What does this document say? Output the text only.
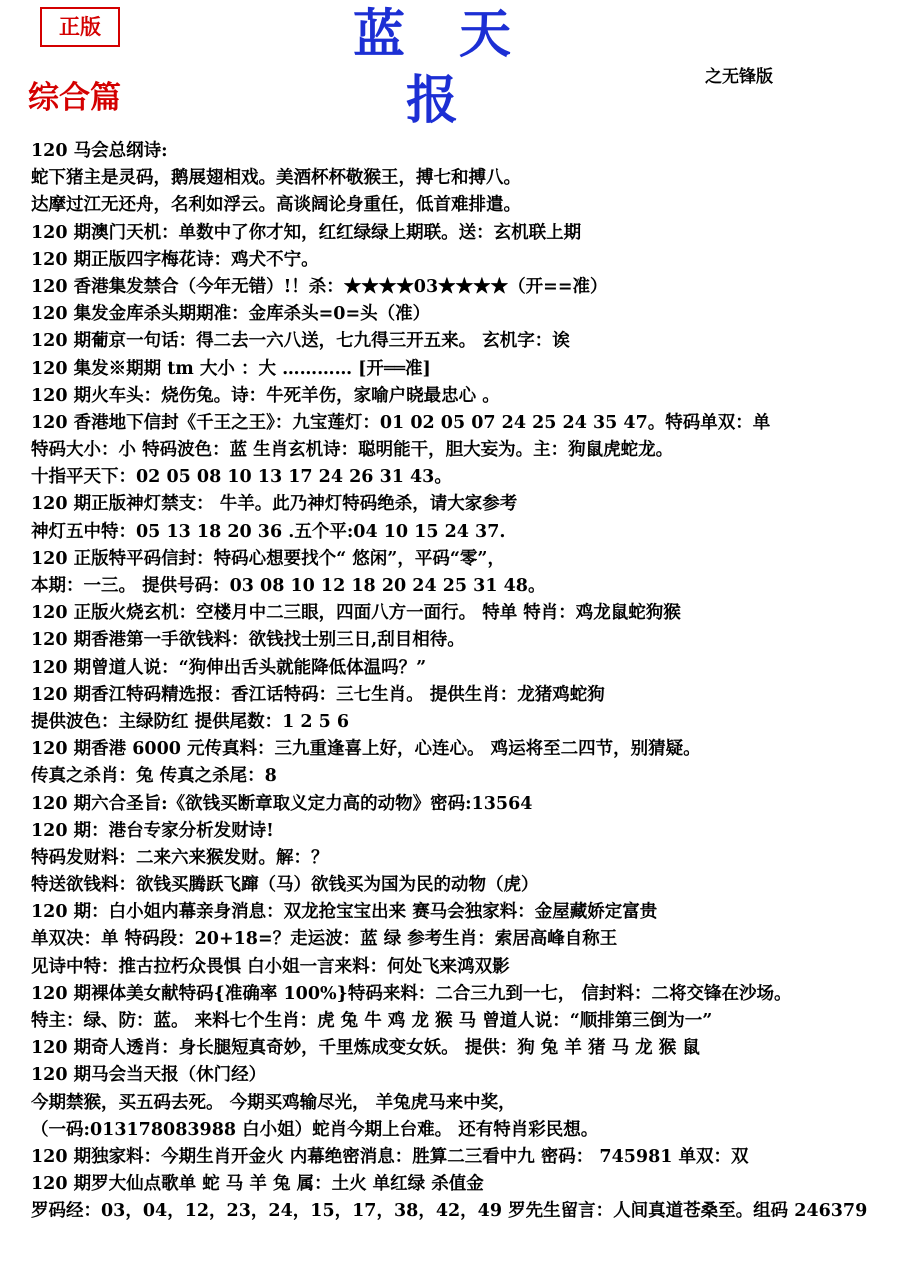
正版	蓝 天 报	之无锋版
综合篇
120 马会总纲诗:
蛇下猪主是灵码，鹅展翅相戏。美酒杯杯敬猴王，搏七和搏八。
达摩过江无还舟，名利如浮云。高谈阔论身重任，低首难排遣。
120 期澳门天机：单数中了你才知，红红绿绿上期联。送：玄机联上期
120 期正版四字梅花诗：鸡犬不宁。
120 香港集发禁合（今年无错）!！杀：★★★★03★★★★（开==准）
120 集发金库杀头期期准：金库杀头=0=头（准）
120 期葡京一句话：得二去一六八送，七九得三开五来。 玄机字：诶
120 集发※期期 tm 大小 ：大 ………… [开══准]
120 期火车头：烧伤兔。诗：牛死羊伤，家喻户晓最忠心 。
120 香港地下信封《千王之王》：九宝莲灯：01 02 05 07 24 25 24 35 47。特码单双：单
特码大小：小 特码波色：蓝 生肖玄机诗：聪明能干，胆大妄为。主：狗鼠虎蛇龙。
十指平天下：02 05 08 10 13 17 24 26 31 43。
120 期正版神灯禁支： 牛羊。此乃神灯特码绝杀，请大家参考
神灯五中特：05 13 18 20 36 .五个平:04 10 15 24 37.
120 正版特平码信封：特码心想要找个“ 悠闲”，平码“零”，
本期：一三。 提供号码：03 08 10 12 18 20 24 25 31 48。
120 正版火烧玄机：空楼月中二三眼，四面八方一面行。 特单 特肖：鸡龙鼠蛇狗猴
120 期香港第一手欲钱料：欲钱找士别三日,刮目相待。
120 期曾道人说：“狗伸出舌头就能降低体温吗？”
120 期香江特码精选报：香江话特码：三七生肖。 提供生肖：龙猪鸡蛇狗
提供波色：主绿防红 提供尾数：1 2 5 6
120 期香港 6000 元传真料：三九重逢喜上好，心连心。 鸡运将至二四节，别猜疑。
传真之杀肖：兔 传真之杀尾：8
120 期六合圣旨:《欲钱买断章取义定力高的动物》密码:13564
120 期：港台专家分析发财诗!
特码发财料：二来六来猴发财。解：？
特送欲钱料：欲钱买腾跃飞蹿（马）欲钱买为国为民的动物（虎）
120 期：白小姐内幕亲身消息：双龙抢宝宝出来 赛马会独家料：金屋藏娇定富贵
单双决：单 特码段：20+18=？走运波：蓝 绿 参考生肖：索居高峰自称王
见诗中特：推古拉朽众畏惧 白小姐一言来料：何处飞来鸿双影
120 期裸体美女献特码{准确率 100%}特码来料：二合三九到一七， 信封料：二将交锋在沙场。
特主：绿、防：蓝。 来料七个生肖：虎 兔 牛 鸡 龙 猴 马 曾道人说：“顺排第三倒为一”
120 期奇人透肖：身长腿短真奇妙，千里炼成变女妖。 提供：狗 兔 羊 猪 马 龙 猴 鼠
120 期马会当天报（休门经）
今期禁猴，买五码去死。 今期买鸡输尽光， 羊兔虎马来中奖，
（一码:013178083988 白小姐）蛇肖今期上台难。 还有特肖彩民想。
120 期独家料：今期生肖开金火 内幕绝密消息：胜算二三看中九 密码： 745981 单双：双
120 期罗大仙点歌单 蛇 马 羊 兔 属：土火 单红绿 杀值金
罗码经：03，04，12，23，24，15，17，38，42，49 罗先生留言：人间真道苍桑至。组码 246379
